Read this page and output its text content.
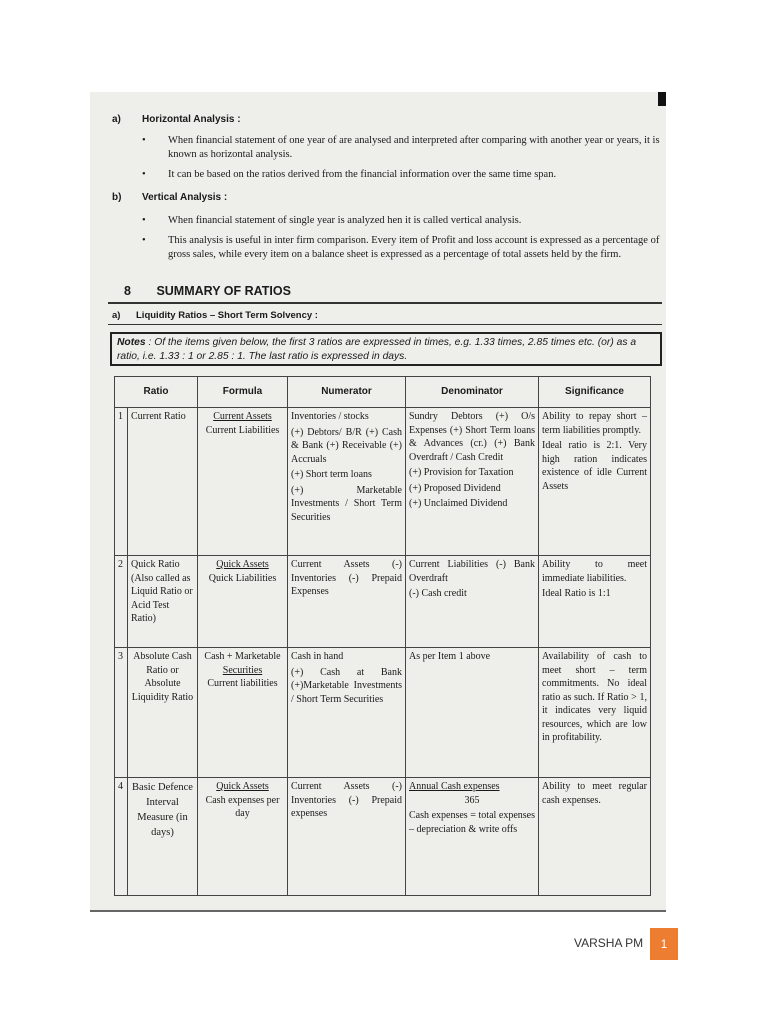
a) Horizontal Analysis :
• When financial statement of one year of are analysed and interpreted after comparing with another year or years, it is known as horizontal analysis.
• It can be based on the ratios derived from the financial information over the same time span.
b) Vertical Analysis :
• When financial statement of single year is analyzed hen it is called vertical analysis.
• This analysis is useful in inter firm comparison. Every item of Profit and loss account is expressed as a percentage of gross sales, while every item on a balance sheet is expressed as a percentage of total assets held by the firm.
8 SUMMARY OF RATIOS
a) Liquidity Ratios – Short Term Solvency :
Notes : Of the items given below, the first 3 ratios are expressed in times, e.g. 1.33 times, 2.85 times etc. (or) as a ratio, i.e. 1.33 : 1 or 2.85 : 1. The last ratio is expressed in days.
Ratio		Formula	Numerator	Denominator	Significance
1	Current Ratio	Current Assets
Current Liabilities	Inventories / stocks
(+) Debtors/ B/R (+) Cash & Bank (+) Receivable (+) Accruals
(+) Short term loans
(+) Marketable Investments / Short Term Securities	Sundry Debtors (+) O/s Expenses (+) Short Term loans & Advances (cr.) (+) Bank Overdraft / Cash Credit
(+) Provision for Taxation
(+) Proposed Dividend
(+) Unclaimed Dividend	Ability to repay short – term liabilities promptly.
Ideal ratio is 2:1. Very high ration indicates existence of idle Current Assets

2	Quick Ratio (Also called as Liquid Ratio or Acid Test Ratio)	Quick Assets
Quick Liabilities	Current Assets (-) Inventories (-) Prepaid Expenses	Current Liabilities (-) Bank Overdraft
(-) Cash credit	Ability to meet immediate liabilities.
Ideal Ratio is 1:1

3	Absolute Cash Ratio or Absolute Liquidity Ratio	Cash + Marketable
Securities
Current liabilities	Cash in hand
(+) Cash at Bank (+)Marketable Investments / Short Term Securities	As per Item 1 above	Availability of cash to meet short – term commitments. No ideal ratio as such. If Ratio > 1, it indicates very liquid resources, which are low in profitability.

4	Basic Defence Interval Measure (in days)	Quick Assets
Cash expenses per day	Current Assets (-) Inventories (-) Prepaid expenses	Annual Cash expenses
365
Cash expenses = total expenses – depreciation & write offs	Ability to meet regular cash expenses.
VARSHA PM	1
